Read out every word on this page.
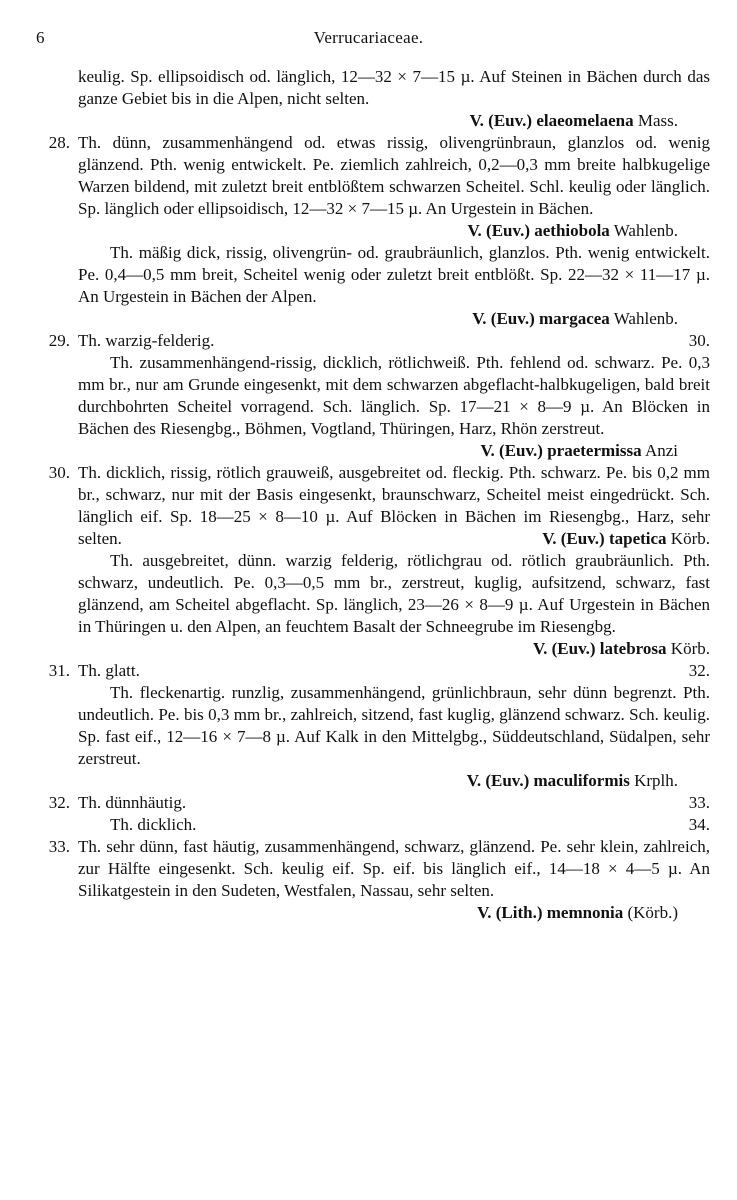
6	Verrucariaceae.
keulig. Sp. ellipsoidisch od. länglich, 12—32 × 7—15 µ. Auf Steinen in Bächen durch das ganze Gebiet bis in die Alpen, nicht selten.
V. (Euv.) elaeomelaena Mass.
28. Th. dünn, zusammenhängend od. etwas rissig, olivengrünbraun, glanzlos od. wenig glänzend. Pth. wenig entwickelt. Pe. ziemlich zahlreich, 0,2—0,3 mm breite halbkugelige Warzen bildend, mit zuletzt breit entblößtem schwarzen Scheitel. Schl. keulig oder länglich. Sp. länglich oder ellipsoidisch, 12—32 × 7—15 µ. An Urgestein in Bächen.
V. (Euv.) aethiobola Wahlenb.
Th. mäßig dick, rissig, olivengrün- od. graubräunlich, glanzlos. Pth. wenig entwickelt. Pe. 0,4—0,5 mm breit, Scheitel wenig oder zuletzt breit entblößt. Sp. 22—32 × 11—17 µ. An Urgestein in Bächen der Alpen.
V. (Euv.) margacea Wahlenb.
29. Th. warzig-felderig.	30.
Th. zusammenhängend-rissig, dicklich, rötlichweiß. Pth. fehlend od. schwarz. Pe. 0,3 mm br., nur am Grunde eingesenkt, mit dem schwarzen abgeflacht-halbkugeligen, bald breit durchbohrten Scheitel vorragend. Sch. länglich. Sp. 17—21 × 8—9 µ. An Blöcken in Bächen des Riesengbg., Böhmen, Vogtland, Thüringen, Harz, Rhön zerstreut.
V. (Euv.) praetermissa Anzi
30. Th. dicklich, rissig, rötlich grauweiß, ausgebreitet od. fleckig. Pth. schwarz. Pe. bis 0,2 mm br., schwarz, nur mit der Basis eingesenkt, braunschwarz, Scheitel meist eingedrückt. Sch. länglich eif. Sp. 18—25 × 8—10 µ. Auf Blöcken in Bächen im Riesengbg., Harz, sehr selten.	V. (Euv.) tapetica Körb.
Th. ausgebreitet, dünn. warzig felderig, rötlichgrau od. rötlich graubräunlich. Pth. schwarz, undeutlich. Pe. 0,3—0,5 mm br., zerstreut, kuglig, aufsitzend, schwarz, fast glänzend, am Scheitel abgeflacht. Sp. länglich, 23—26 × 8—9 µ. Auf Urgestein in Bächen in Thüringen u. den Alpen, an feuchtem Basalt der Schneegrube im Riesengbg.
V. (Euv.) latebrosa Körb.
31. Th. glatt.	32.
Th. fleckenartig. runzlig, zusammenhängend, grünlichbraun, sehr dünn begrenzt. Pth. undeutlich. Pe. bis 0,3 mm br., zahlreich, sitzend, fast kuglig, glänzend schwarz. Sch. keulig. Sp. fast eif., 12—16 × 7—8 µ. Auf Kalk in den Mittelgbg., Süddeutschland, Südalpen, sehr zerstreut.
V. (Euv.) maculiformis Krplh.
32. Th. dünnhäutig.	33.
Th. dicklich.	34.
33. Th. sehr dünn, fast häutig, zusammenhängend, schwarz, glänzend. Pe. sehr klein, zahlreich, zur Hälfte eingesenkt. Sch. keulig eif. Sp. eif. bis länglich eif., 14—18 × 4—5 µ. An Silikatgestein in den Sudeten, Westfalen, Nassau, sehr selten.
V. (Lith.) memnonia (Körb.)
